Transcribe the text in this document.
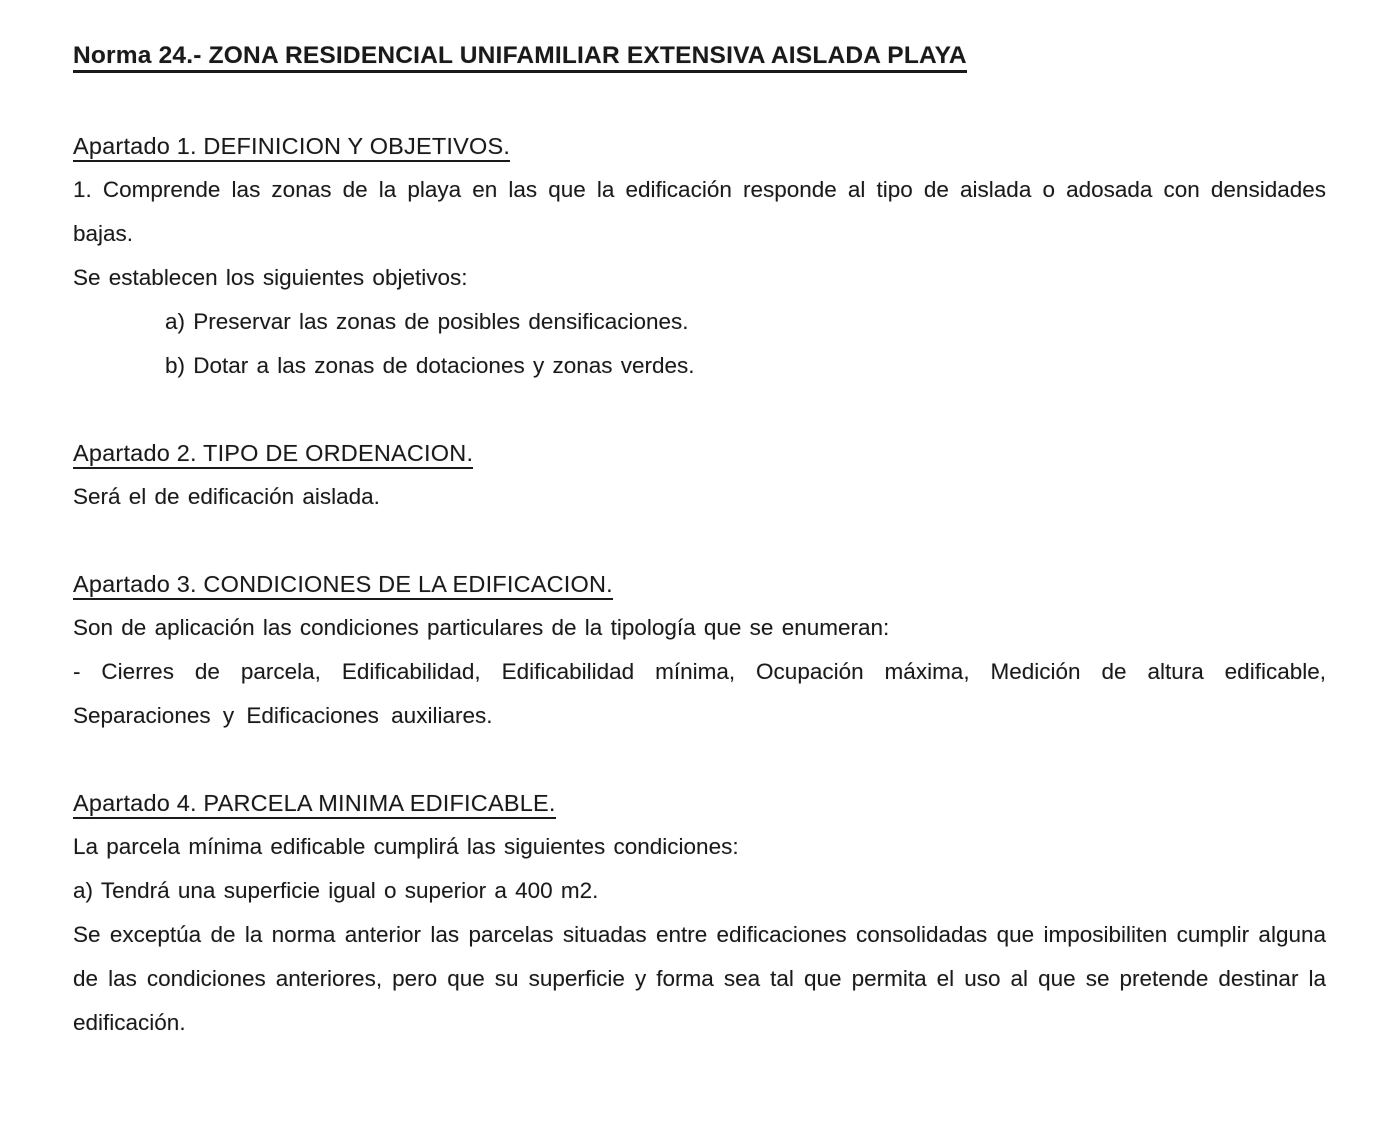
Norma 24.- ZONA RESIDENCIAL UNIFAMILIAR EXTENSIVA AISLADA PLAYA
Apartado 1. DEFINICION Y OBJETIVOS.

1. Comprende las zonas de la playa en las que la edificación responde al tipo de aislada o adosada con densidades bajas.

Se establecen los siguientes objetivos:

a) Preservar las zonas de posibles densificaciones.

b) Dotar a las zonas de dotaciones y zonas verdes.

Apartado 2. TIPO DE ORDENACION.

Será el de edificación aislada.

Apartado 3. CONDICIONES DE LA EDIFICACION.

Son de aplicación las condiciones particulares de la tipología que se enumeran:

- Cierres de parcela, Edificabilidad, Edificabilidad mínima, Ocupación máxima, Medición de altura edificable, Separaciones y Edificaciones auxiliares.

Apartado 4. PARCELA MINIMA EDIFICABLE.

La parcela mínima edificable cumplirá las siguientes condiciones:

a) Tendrá una superficie igual o superior a 400 m2.

Se exceptúa de la norma anterior las parcelas situadas entre edificaciones consolidadas que imposibiliten cumplir alguna de las condiciones anteriores, pero que su superficie y forma sea tal que permita el uso al que se pretende destinar la edificación.
